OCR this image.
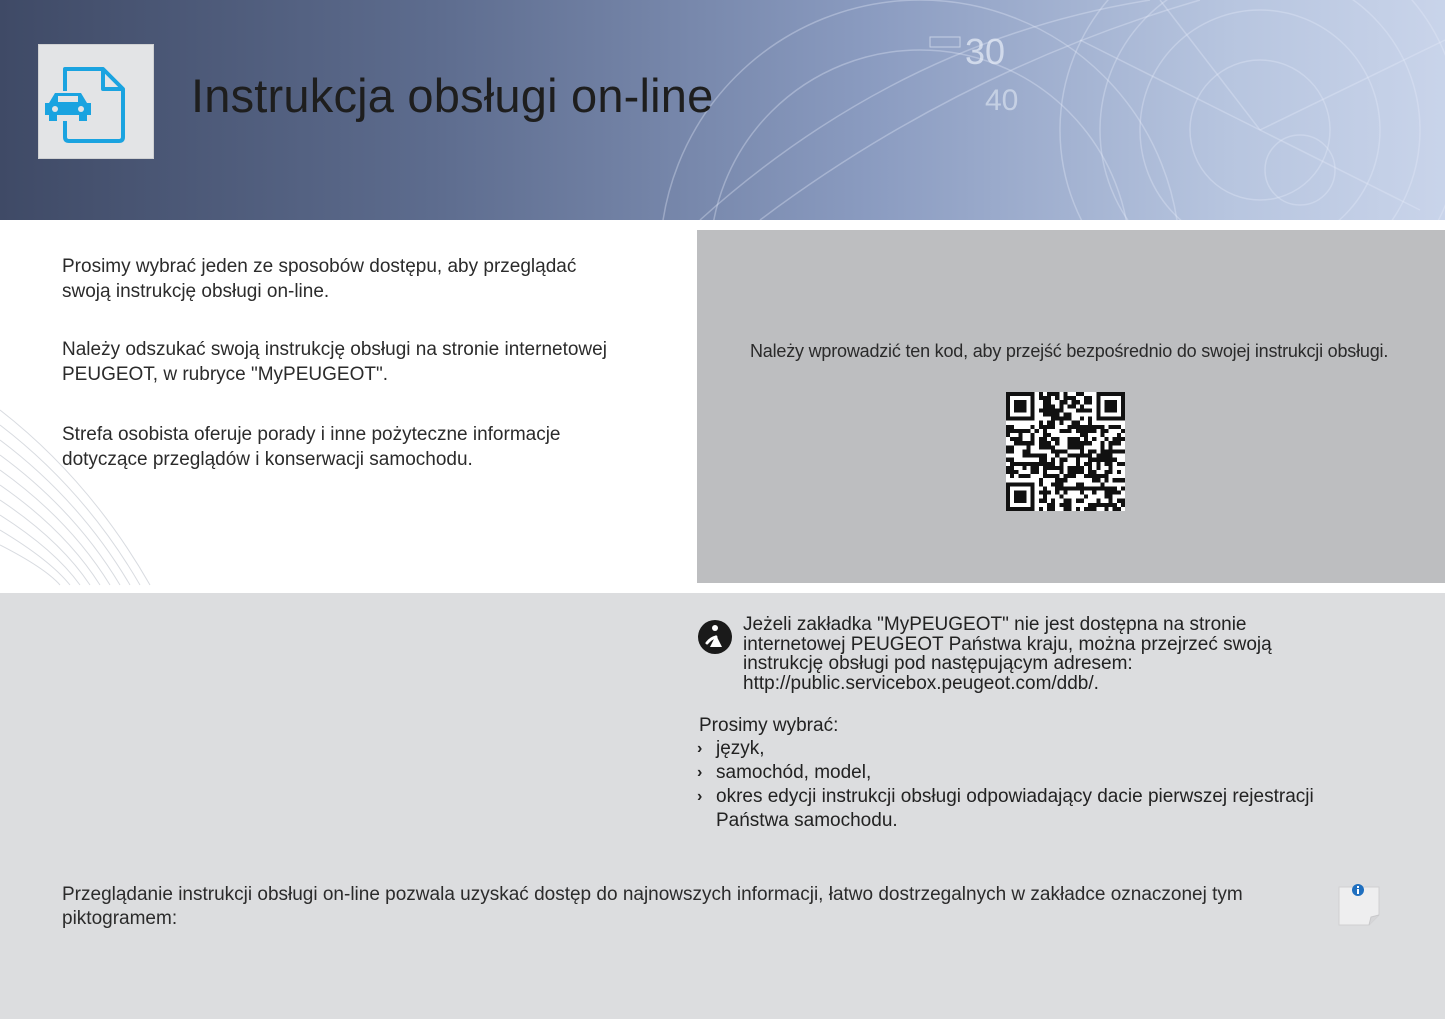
30
40
Instrukcja obsługi on-line

Prosimy wybrać jeden ze sposobów dostępu, aby przeglądać
swoją instrukcję obsługi on-line.

Należy odszukać swoją instrukcję obsługi na stronie internetowej
PEUGEOT, w rubryce "MyPEUGEOT".

Strefa osobista oferuje porady i inne pożyteczne informacje
dotyczące przeglądów i konserwacji samochodu.

Należy wprowadzić ten kod, aby przejść bezpośrednio do swojej instrukcji obsługi.
Jeżeli zakładka "MyPEUGEOT" nie jest dostępna na stronie
internetowej PEUGEOT Państwa kraju, można przejrzeć swoją
instrukcję obsługi pod następującym adresem:
http://public.servicebox.peugeot.com/ddb/.
Prosimy wybrać:
› język,
› samochód, model,
› okres edycji instrukcji obsługi odpowiadający dacie pierwszej rejestracji
Państwa samochodu.
Przeglądanie instrukcji obsługi on-line pozwala uzyskać dostęp do najnowszych informacji, łatwo dostrzegalnych w zakładce oznaczonej tym piktogramem:
